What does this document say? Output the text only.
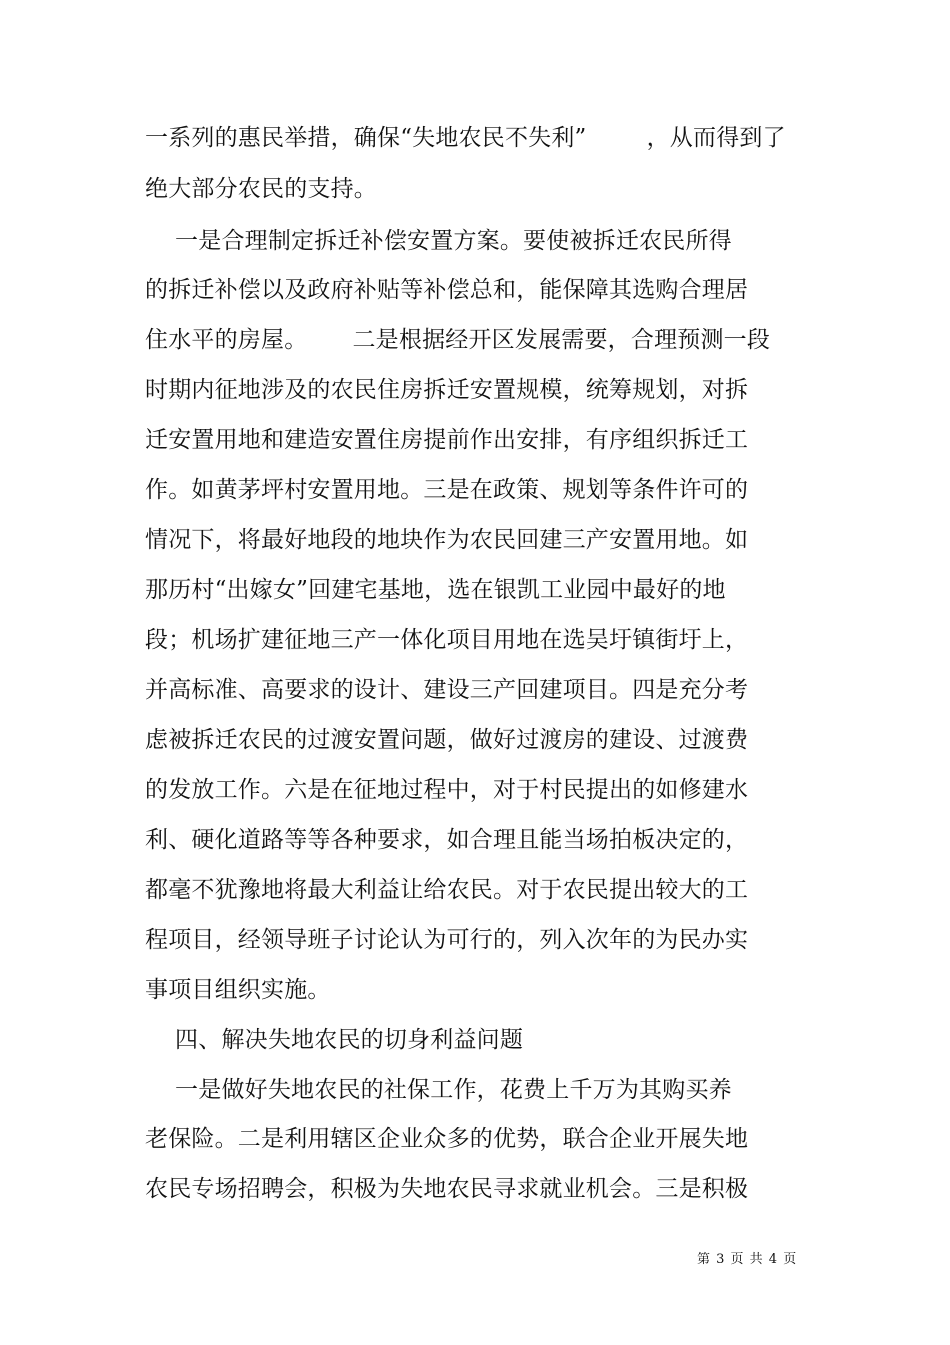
一系列的惠民举措，确保“失地农民不失利”        ，从而得到了
绝大部分农民的支持。
一是合理制定拆迁补偿安置方案。要使被拆迁农民所得
的拆迁补偿以及政府补贴等补偿总和，能保障其选购合理居
住水平的房屋。      二是根据经开区发展需要，合理预测一段
时期内征地涉及的农民住房拆迁安置规模，统筹规划，对拆
迁安置用地和建造安置住房提前作出安排，有序组织拆迁工
作。如黄茅坪村安置用地。三是在政策、规划等条件许可的
情况下，将最好地段的地块作为农民回建三产安置用地。如
那历村“出嫁女”回建宅基地，选在银凯工业园中最好的地
段；机场扩建征地三产一体化项目用地在选吴圩镇街圩上，
并高标准、高要求的设计、建设三产回建项目。四是充分考
虑被拆迁农民的过渡安置问题，做好过渡房的建设、过渡费
的发放工作。六是在征地过程中，对于村民提出的如修建水
利、硬化道路等等各种要求，如合理且能当场拍板决定的，
都毫不犹豫地将最大利益让给农民。对于农民提出较大的工
程项目，经领导班子讨论认为可行的，列入次年的为民办实
事项目组织实施。
四、解决失地农民的切身利益问题
一是做好失地农民的社保工作，花费上千万为其购买养
老保险。二是利用辖区企业众多的优势，联合企业开展失地
农民专场招聘会，积极为失地农民寻求就业机会。三是积极
第 3 页 共 4 页
